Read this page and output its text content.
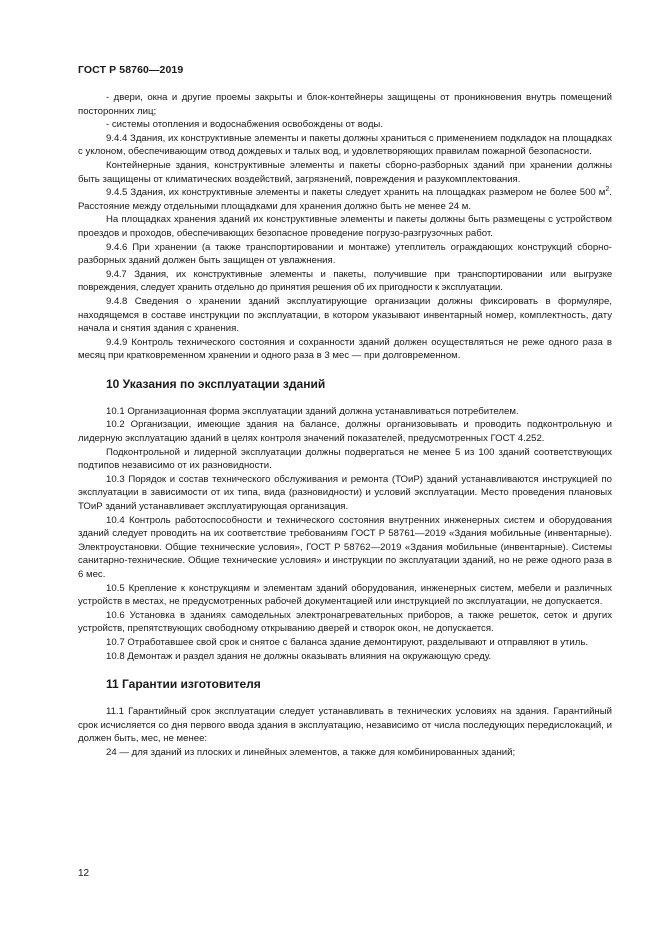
ГОСТ Р 58760—2019

- двери, окна и другие проемы закрыты и блок-контейнеры защищены от проникновения внутрь помещений посторонних лиц;

- системы отопления и водоснабжения освобождены от воды.

9.4.4 Здания, их конструктивные элементы и пакеты должны храниться с применением подкладок на площадках с уклоном, обеспечивающим отвод дождевых и талых вод, и удовлетворяющих правилам пожарной безопасности.

Контейнерные здания, конструктивные элементы и пакеты сборно-разборных зданий при хранении должны быть защищены от климатических воздействий, загрязнений, повреждения и разукомплектования.

9.4.5 Здания, их конструктивные элементы и пакеты следует хранить на площадках размером не более 500 $м^2$. Расстояние между отдельными площадками для хранения должно быть не менее 24 м.

На площадках хранения зданий их конструктивные элементы и пакеты должны быть размещены с устройством проездов и проходов, обеспечивающих безопасное проведение погрузо-разгрузочных работ.

9.4.6 При хранении (а также транспортировании и монтаже) утеплитель ограждающих конструкций сборно-разборных зданий должен быть защищен от увлажнения.

9.4.7 Здания, их конструктивные элементы и пакеты, получившие при транспортировании или выгрузке повреждения, следует хранить отдельно до принятия решения об их пригодности к эксплуатации.

9.4.8 Сведения о хранении зданий эксплуатирующие организации должны фиксировать в формуляре, находящемся в составе инструкции по эксплуатации, в котором указывают инвентарный номер, комплектность, дату начала и снятия здания с хранения.

9.4.9 Контроль технического состояния и сохранности зданий должен осуществляться не реже одного раза в месяц при кратковременном хранении и одного раза в 3 мес — при долговременном.

10 Указания по эксплуатации зданий

10.1 Организационная форма эксплуатации зданий должна устанавливаться потребителем.

10.2 Организации, имеющие здания на балансе, должны организовывать и проводить подконтрольную и лидерную эксплуатацию зданий в целях контроля значений показателей, предусмотренных ГОСТ 4.252.

Подконтрольной и лидерной эксплуатации должны подвергаться не менее 5 из 100 зданий соответствующих подтипов независимо от их разновидности.

10.3 Порядок и состав технического обслуживания и ремонта (ТОиР) зданий устанавливаются инструкцией по эксплуатации в зависимости от их типа, вида (разновидности) и условий эксплуатации. Место проведения плановых ТОиР зданий устанавливает эксплуатирующая организация.

10.4 Контроль работоспособности и технического состояния внутренних инженерных систем и оборудования зданий следует проводить на их соответствие требованиям ГОСТ Р 58761—2019 «Здания мобильные (инвентарные). Электроустановки. Общие технические условия», ГОСТ Р 58762—2019 «Здания мобильные (инвентарные). Системы санитарно-технические. Общие технические условия» и инструкции по эксплуатации зданий, но не реже одного раза в 6 мес.

10.5 Крепление к конструкциям и элементам зданий оборудования, инженерных систем, мебели и различных устройств в местах, не предусмотренных рабочей документацией или инструкцией по эксплуатации, не допускается.

10.6 Установка в зданиях самодельных электронагревательных приборов, а также решеток, сеток и других устройств, препятствующих свободному открыванию дверей и створок окон, не допускается.

10.7 Отработавшее свой срок и снятое с баланса здание демонтируют, разделывают и отправляют в утиль.

10.8 Демонтаж и раздел здания не должны оказывать влияния на окружающую среду.

11 Гарантии изготовителя

11.1 Гарантийный срок эксплуатации следует устанавливать в технических условиях на здания. Гарантийный срок исчисляется со дня первого ввода здания в эксплуатацию, независимо от числа последующих передислокаций, и должен быть, мес, не менее:

24 — для зданий из плоских и линейных элементов, а также для комбинированных зданий;

12
